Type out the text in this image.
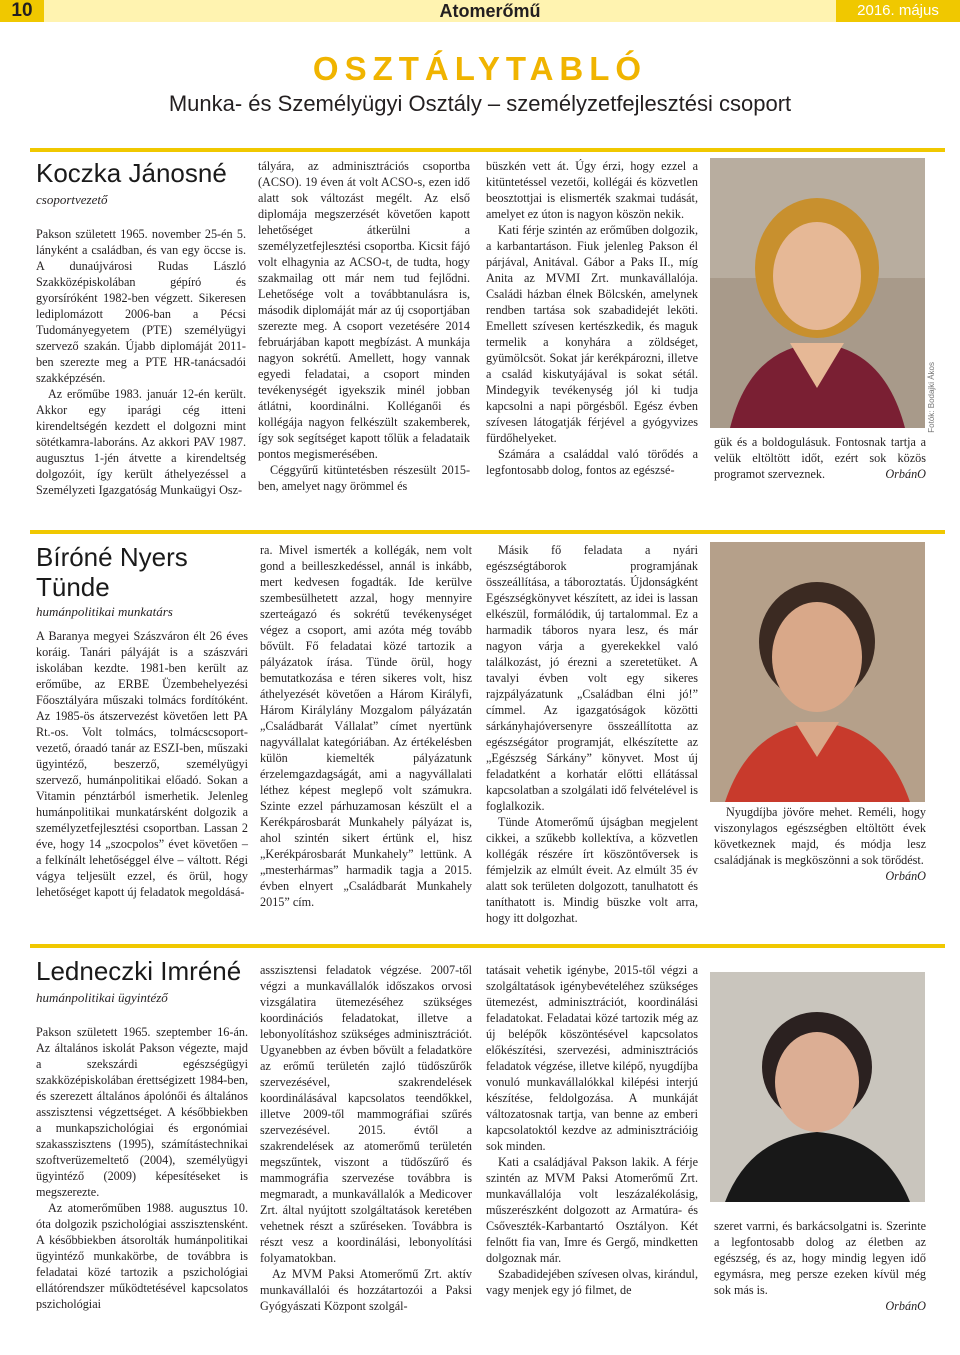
10	Atomerőmű	2016. május
OSZTÁLYTABLÓ
Munka- és Személyügyi Osztály – személyzetfejlesztési csoport
Koczka Jánosné
csoportvezető

Pakson született 1965. november 25-én 5. lányként a családban, és van egy öccse is. A dunaújvárosi Rudas László Szakközépiskolában gépíró és gyorsíróként 1982-ben végzett. Sikeresen lediplomázott 2006-ban a Pécsi Tudományegyetem (PTE) személyügyi szervező szakán. Újabb diplomáját 2011-ben szerezte meg a PTE HR-tanácsadói szakképzésén.

Az erőműbe 1983. január 12-én került. Akkor egy iparági cég itteni kirendeltségén kezdett el dolgozni mint sötétkamra-laboráns. Az akkori PAV 1987. augusztus 1-jén átvette a kirendeltség dolgozóit, így került áthelyezéssel a Személyzeti Igazgatóság Munkaügyi Osz-

tályára, az adminisztrációs csoportba (ACSO). 19 éven át volt ACSO-s, ezen idő alatt sok változást megélt. Az első diplomája megszerzését követően kapott lehetőséget átkerülni a személyzetfejlesztési csoportba. Kicsit fájó volt elhagynia az ACSO-t, de tudta, hogy szakmailag ott már nem tud fejlődni. Lehetősége volt a továbbtanulásra is, második diplomáját már az új csoportjában szerezte meg. A csoport vezetésére 2014 februárjában kapott megbízást. A munkája nagyon sokrétű. Amellett, hogy vannak egyedi feladatai, a csoport minden tevékenységét igyekszik minél jobban átlátni, koordinálni. Kolléganői és kollégája nagyon felkészült szakemberek, így sok segítséget kapott tőlük a feladataik pontos megismerésében.

Céggyűrű kitüntetésben részesült 2015-ben, amelyet nagy örömmel és

büszkén vett át. Úgy érzi, hogy ezzel a kitüntetéssel vezetői, kollégái és közvetlen beosztottjai is elismerték szakmai tudását, amelyet ez úton is nagyon köszön nekik.

Kati férje szintén az erőműben dolgozik, a karbantartáson. Fiuk jelenleg Pakson él párjával, Anitával. Gábor a Paks II., míg Anita az MVMI Zrt. munkavállalója. Családi házban élnek Bölcskén, amelynek rendben tartása sok szabadidejét leköti. Emellett szívesen kertészkedik, és maguk termelik a konyhára a zöldséget, gyümölcsöt. Sokat jár kerékpározni, illetve a család kiskutyájával is sokat sétál. Mindegyik tevékenység jól ki tudja kapcsolni a napi pörgésből. Egész évben szívesen látogatják férjével a gyógyvizes fürdőhelyeket.

Számára a családdal való törődés a legfontosabb dolog, fontos az egészsé-

Fotók: Bodajki Ákos

gük és a boldogulásuk. Fontosnak tartja a velük eltöltött időt, ezért sok közös programot szerveznek.	OrbánO

Bíróné Nyers Tünde
humánpolitikai munkatárs

A Baranya megyei Szászváron élt 26 éves koráig. Tanári pályáját is a szászvári iskolában kezdte. 1981-ben került az erőműbe, az ERBE Üzembehelyezési Főosztályára műszaki tolmács fordítóként. Az 1985-ös átszervezést követően lett PA Rt.-os. Volt tolmács, tolmácscsoport-vezető, óraadó tanár az ESZI-ben, műszaki ügyintéző, beszerző, személyügyi szervező, humánpolitikai előadó. Sokan a Vitamin pénztárból ismerhetik. Jelenleg humánpolitikai munkatársként dolgozik a személyzetfejlesztési csoportban. Lassan 2 éve, hogy 14 „szocpolos” évet követően – a felkínált lehetőséggel élve – váltott. Régi vágya teljesült ezzel, és örül, hogy lehetőséget kapott új feladatok megoldásá-

ra. Mivel ismerték a kollégák, nem volt gond a beilleszkedéssel, annál is inkább, mert kedvesen fogadták. Ide kerülve szembesülhetett azzal, hogy mennyire szerteágazó és sokrétű tevékenységet végez a csoport, ami azóta még tovább bővült. Fő feladatai közé tartozik a pályázatok írása. Tünde örül, hogy bemutatkozása e téren sikeres volt, hisz áthelyezését követően a Három Királyfi, Három Királylány Mozgalom pályázatán „Családbarát Vállalat” címet nyertünk nagyvállalat kategóriában. Az értékelésben külön kiemelték pályázatunk érzelemgazdagságát, ami a nagyvállalati léthez képest meglepő volt számukra. Szinte ezzel párhuzamosan készült el a Kerékpárosbarát Munkahely pályázat is, ahol szintén sikert értünk el, hisz „Kerékpárosbarát Munkahely” lettünk. A „mesterhármas” harmadik tagja a 2015. évben elnyert „Családbarát Munkahely 2015” cím.

Másik fő feladata a nyári egészségtáborok programjának összeállítása, a táboroztatás. Újdonságként Egészségkönyvet készített, az idei is lassan elkészül, formálódik, új tartalommal. Ez a harmadik táboros nyara lesz, és már nagyon várja a gyerekekkel való találkozást, jó érezni a szeretetüket. A tavalyi évben volt egy sikeres rajzpályázatunk „Családban élni jó!” címmel. Az igazgatóságok közötti sárkányhajóversenyre összeállította az egészségátor programját, elkészítette az „Egészség Sárkány” könyvet. Most új feladatként a korhatár előtti ellátással kapcsolatban a szolgálati idő felvételével is foglalkozik.

Tünde Atomerőmű újságban megjelent cikkei, a szűkebb kollektíva, a közvetlen kollégák részére írt köszöntőversek is fémjelzik az elmúlt éveit. Az elmúlt 35 év alatt sok területen dolgozott, tanulhatott és taníthatott is. Mindig büszke volt arra, hogy itt dolgozhat.

Nyugdíjba jövőre mehet. Reméli, hogy viszonylagos egészségben eltöltött évek következnek majd, és módja lesz családjának is megköszönni a sok törődést.

OrbánO

Ledneczki Imréné
humánpolitikai ügyintéző

Pakson született 1965. szeptember 16-án. Az általános iskolát Pakson végezte, majd a szekszárdi egészségügyi szakközépiskolában érettségizett 1984-ben, és szerezett általános ápolónői és általános asszisztensi végzettséget. A későbbiekben a munkapszichológiai és ergonómiai szakasszisztens (1995), számítástechnikai szoftverüzemeltető (2004), személyügyi ügyintéző (2009) képesítéseket is megszerezte.

Az atomerőműben 1988. augusztus 10. óta dolgozik pszichológiai asszisztensként. A későbbiekben átsorolták humánpolitikai ügyintéző munkakörbe, de továbbra is feladatai közé tartozik a pszichológiai ellátórendszer működtetésével kapcsolatos pszichológiai

asszisztensi feladatok végzése. 2007-től végzi a munkavállalók időszakos orvosi vizsgálatira ütemezéséhez szükséges koordinációs feladatokat, illetve a lebonyolításhoz szükséges adminisztrációt. Ugyanebben az évben bővült a feladatköre az erőmű területén zajló tüdőszűrők szervezésével, szakrendelések koordinálásával kapcsolatos teendőkkel, illetve 2009-től mammográfiai szűrés szervezésével. 2015. évtől a szakrendelések az atomerőmű területén megszűntek, viszont a tüdőszűrő és mammográfia szervezése továbbra is megmaradt, a munkavállalók a Medicover Zrt. által nyújtott szolgáltatások keretében vehetnek részt a szűréseken. Továbbra is részt vesz a koordinálási, lebonyolítási folyamatokban.

Az MVM Paksi Atomerőmű Zrt. aktív munkavállalói és hozzátartozói a Paksi Gyógyászati Központ szolgál-

tatásait vehetik igénybe, 2015-től végzi a szolgáltatások igénybevételéhez szükséges ütemezést, adminisztrációt, koordinálási feladatokat. Feladatai közé tartozik még az új belépők köszöntésével kapcsolatos előkészítési, szervezési, adminisztrációs feladatok végzése, illetve kilépő, nyugdíjba vonuló munkavállalókkal kilépési interjú készítése, feldolgozása. A munkáját változatosnak tartja, van benne az emberi kapcsolatoktól kezdve az adminisztrációig sok minden.

Kati a családjával Pakson lakik. A férje szintén az MVM Paksi Atomerőmű Zrt. munkavállalója volt leszázalékolásig, műszerészként dolgozott az Armatúra- és Csőveszték-Karbantartó Osztályon. Két felnőtt fia van, Imre és Gergő, mindketten dolgoznak már.

Szabadidejében szívesen olvas, kirándul, vagy menjek egy jó filmet, de

szeret varrni, és barkácsolgatni is. Szerinte a legfontosabb dolog az életben az egészség, és az, hogy mindig legyen idő egymásra, meg persze ezeken kívül még sok más is.

OrbánO
